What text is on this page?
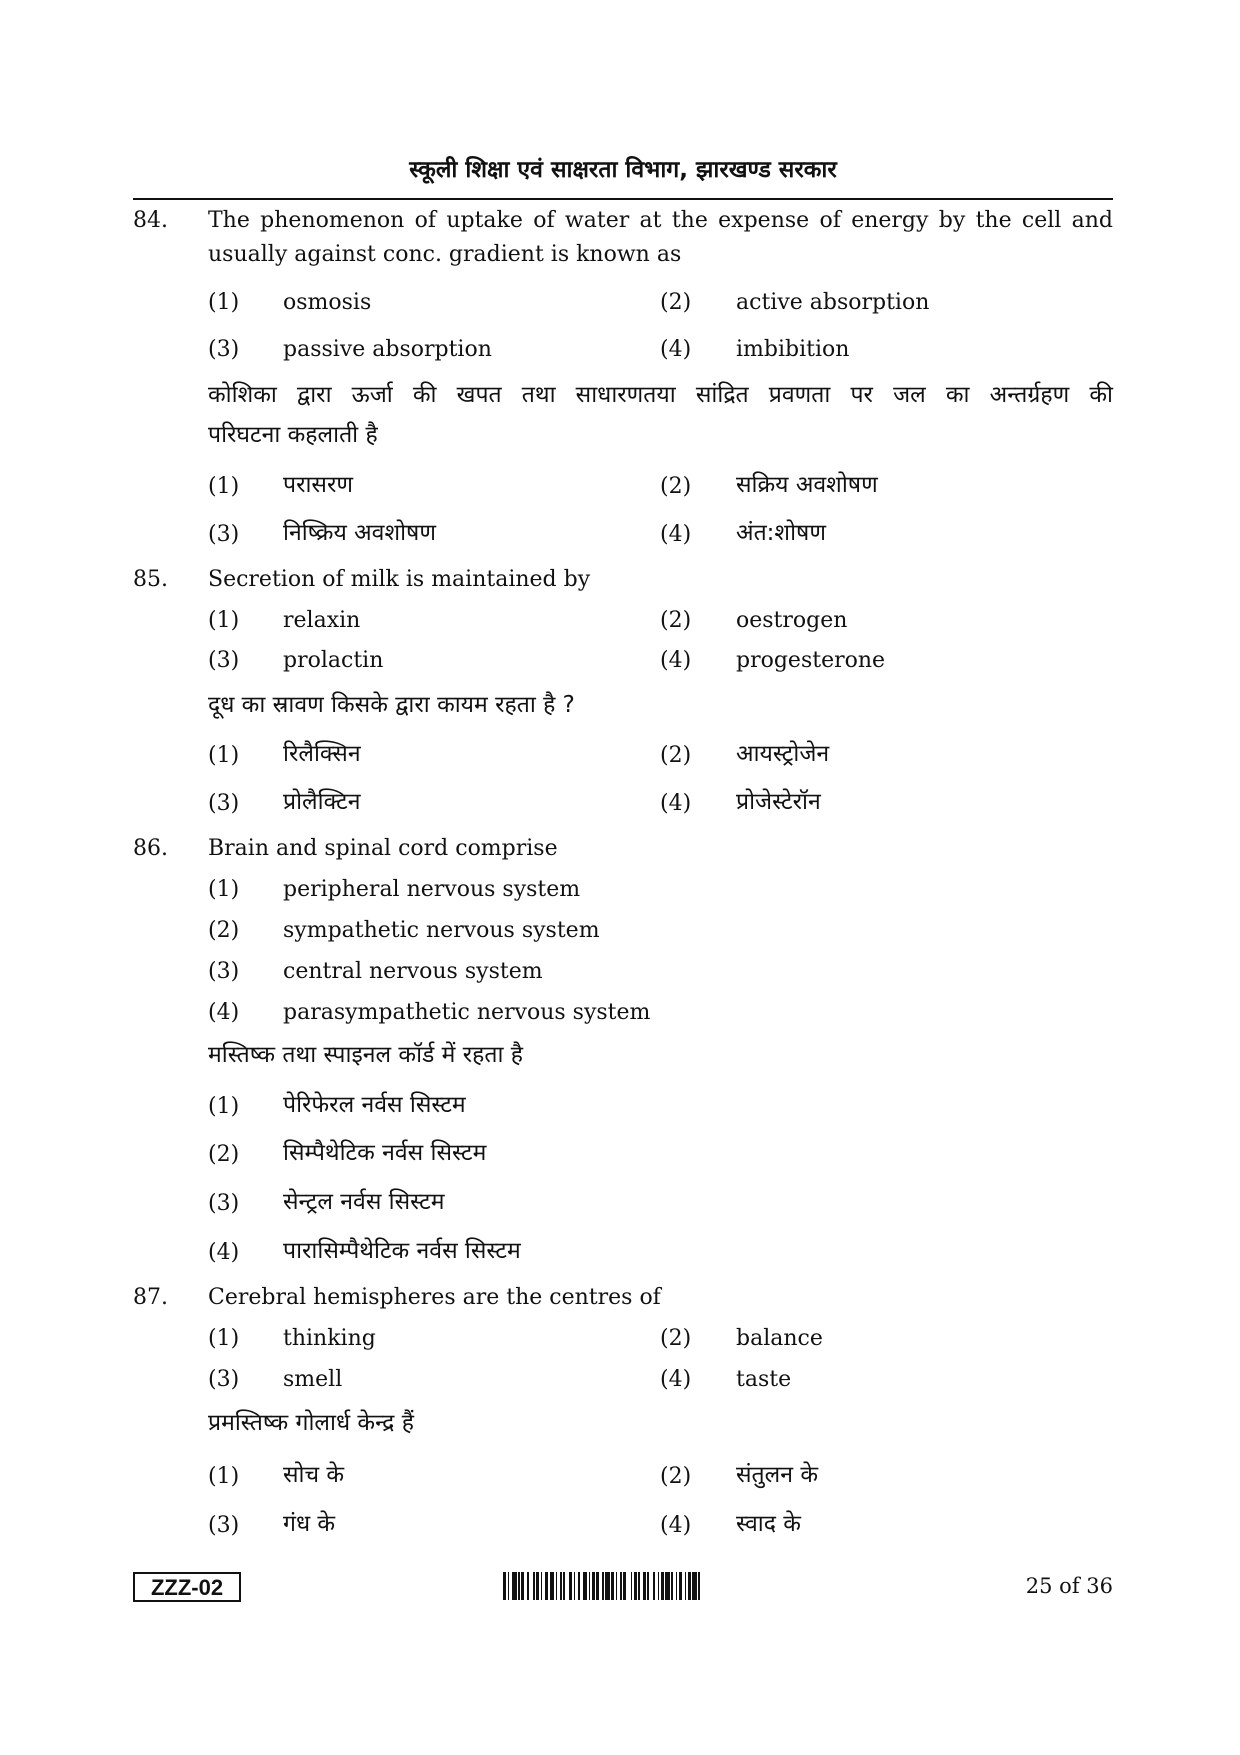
स्कूली शिक्षा एवं साक्षरता विभाग, झारखण्ड सरकार
84. The phenomenon of uptake of water at the expense of energy by the cell and
usually against conc. gradient is known as
(1) osmosis	(2) active absorption
(3) passive absorption	(4) imbibition
कोशिका द्वारा ऊर्जा की खपत तथा साधारणतया सांद्रित प्रवणता पर जल का अन्तर्ग्रहण की
परिघटना कहलाती है
(1) परासरण	(2) सक्रिय अवशोषण
(3) निष्क्रिय अवशोषण	(4) अंत:शोषण
85. Secretion of milk is maintained by
(1) relaxin	(2) oestrogen
(3) prolactin	(4) progesterone
दूध का स्रावण किसके द्वारा कायम रहता है ?
(1) रिलैक्सिन	(2) आयस्ट्रोजेन
(3) प्रोलैक्टिन	(4) प्रोजेस्टेरॉन
86. Brain and spinal cord comprise
(1) peripheral nervous system
(2) sympathetic nervous system
(3) central nervous system
(4) parasympathetic nervous system
मस्तिष्क तथा स्पाइनल कॉर्ड में रहता है
(1) पेरिफेरल नर्वस सिस्टम
(2) सिम्पैथेटिक नर्वस सिस्टम
(3) सेन्ट्रल नर्वस सिस्टम
(4) पारासिम्पैथेटिक नर्वस सिस्टम
87. Cerebral hemispheres are the centres of
(1) thinking	(2) balance
(3) smell	(4) taste
प्रमस्तिष्क गोलार्ध केन्द्र हैं
(1) सोच के	(2) संतुलन के
(3) गंध के	(4) स्वाद के
ZZZ-02	25 of 36
